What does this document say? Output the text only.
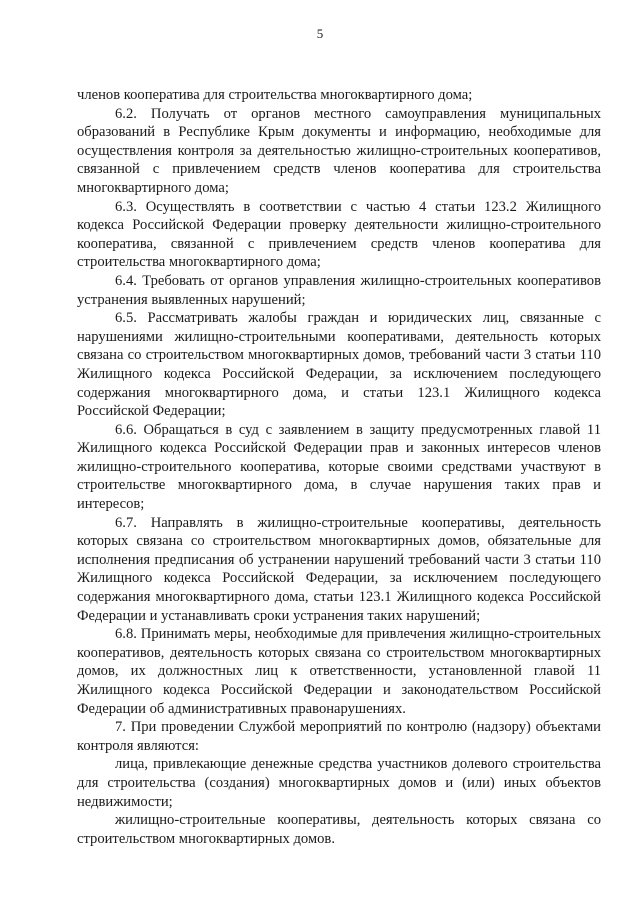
5

членов кооператива для строительства многоквартирного дома;

6.2. Получать от органов местного самоуправления муниципальных образований в Республике Крым документы и информацию, необходимые для осуществления контроля за деятельностью жилищно-строительных кооперативов, связанной с привлечением средств членов кооператива для строительства многоквартирного дома;

6.3. Осуществлять в соответствии с частью 4 статьи 123.2 Жилищного кодекса Российской Федерации проверку деятельности жилищно-строительного кооператива, связанной с привлечением средств членов кооператива для строительства многоквартирного дома;

6.4. Требовать от органов управления жилищно-строительных кооперативов устранения выявленных нарушений;

6.5. Рассматривать жалобы граждан и юридических лиц, связанные с нарушениями жилищно-строительными кооперативами, деятельность которых связана со строительством многоквартирных домов, требований части 3 статьи 110 Жилищного кодекса Российской Федерации, за исключением последующего содержания многоквартирного дома, и статьи 123.1 Жилищного кодекса Российской Федерации;

6.6. Обращаться в суд с заявлением в защиту предусмотренных главой 11 Жилищного кодекса Российской Федерации прав и законных интересов членов жилищно-строительного кооператива, которые своими средствами участвуют в строительстве многоквартирного дома, в случае нарушения таких прав и интересов;

6.7. Направлять в жилищно-строительные кооперативы, деятельность которых связана со строительством многоквартирных домов, обязательные для исполнения предписания об устранении нарушений требований части 3 статьи 110 Жилищного кодекса Российской Федерации, за исключением последующего содержания многоквартирного дома, статьи 123.1 Жилищного кодекса Российской Федерации и устанавливать сроки устранения таких нарушений;

6.8. Принимать меры, необходимые для привлечения жилищно-строительных кооперативов, деятельность которых связана со строительством многоквартирных домов, их должностных лиц к ответственности, установленной главой 11 Жилищного кодекса Российской Федерации и законодательством Российской Федерации об административных правонарушениях.

7. При проведении Службой мероприятий по контролю (надзору) объектами контроля являются:

лица, привлекающие денежные средства участников долевого строительства для строительства (создания) многоквартирных домов и (или) иных объектов недвижимости;

жилищно-строительные кооперативы, деятельность которых связана со строительством многоквартирных домов.
